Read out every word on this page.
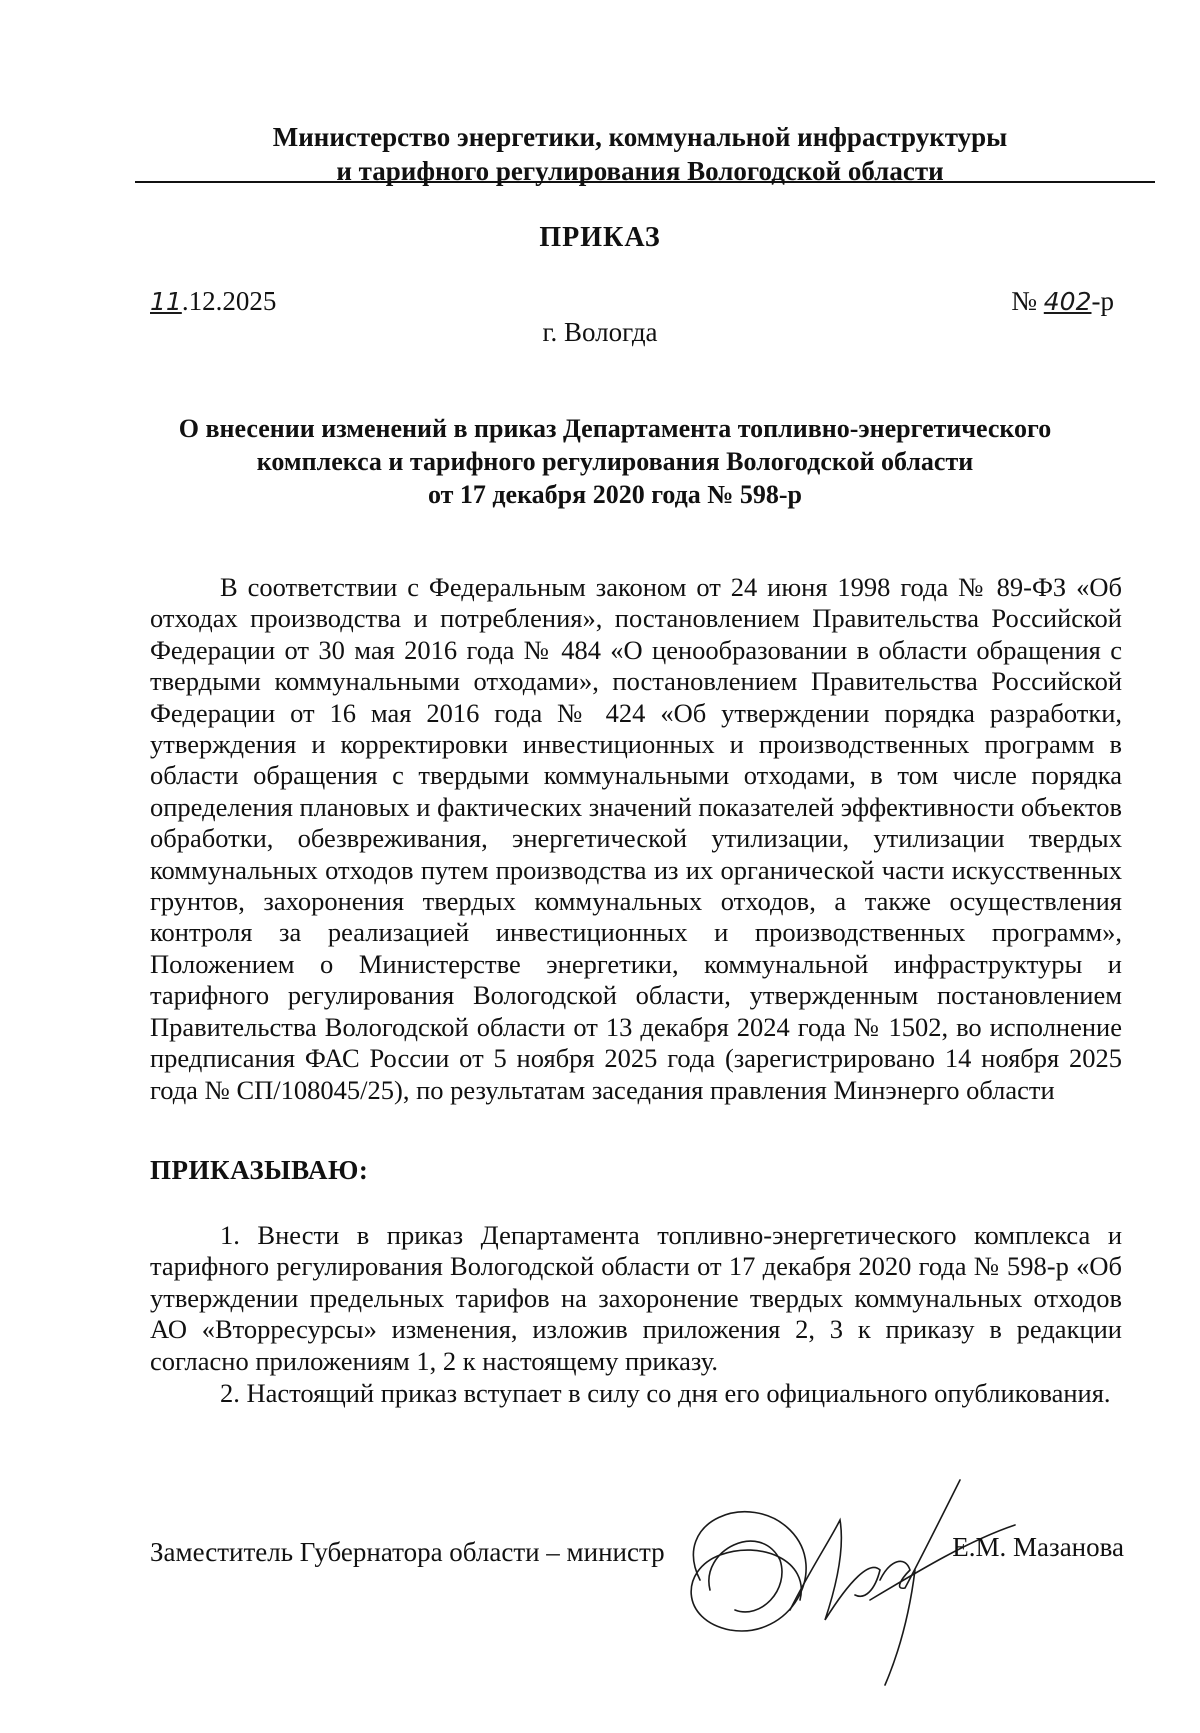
Министерство энергетики, коммунальной инфраструктуры
и тарифного регулирования Вологодской области
ПРИКАЗ
11.12.2025	№ 402-р
г. Вологда
О внесении изменений в приказ Департамента топливно-энергетического
комплекса и тарифного регулирования Вологодской области
от 17 декабря 2020 года № 598-р

В соответствии с Федеральным законом от 24 июня 1998 года № 89-ФЗ «Об отходах производства и потребления», постановлением Правительства Российской Федерации от 30 мая 2016 года № 484 «О ценообразовании в области обращения с твердыми коммунальными отходами», постановлением Правительства Российской Федерации от 16 мая 2016 года № 424 «Об утверждении порядка разработки, утверждения и корректировки инвестиционных и производственных программ в области обращения с твердыми коммунальными отходами, в том числе порядка определения плановых и фактических значений показателей эффективности объектов обработки, обезвреживания, энергетической утилизации, утилизации твердых коммунальных отходов путем производства из их органической части искусственных грунтов, захоронения твердых коммунальных отходов, а также осуществления контроля за реализацией инвестиционных и производственных программ», Положением о Министерстве энергетики, коммунальной инфраструктуры и тарифного регулирования Вологодской области, утвержденным постановлением Правительства Вологодской области от 13 декабря 2024 года № 1502, во исполнение предписания ФАС России от 5 ноября 2025 года (зарегистрировано 14 ноября 2025 года № СП/108045/25), по результатам заседания правления Минэнерго области

ПРИКАЗЫВАЮ:

1. Внести в приказ Департамента топливно-энергетического комплекса и тарифного регулирования Вологодской области от 17 декабря 2020 года № 598-р «Об утверждении предельных тарифов на захоронение твердых коммунальных отходов АО «Вторресурсы» изменения, изложив приложения 2, 3 к приказу в редакции согласно приложениям 1, 2 к настоящему приказу.

2. Настоящий приказ вступает в силу со дня его официального опубликования.

Заместитель Губернатора области – министр	Е.М. Мазанова
